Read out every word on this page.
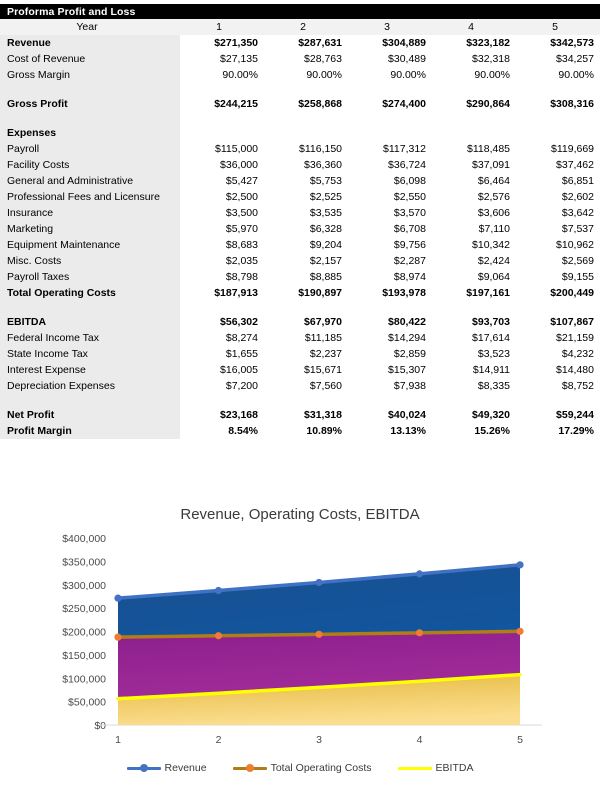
Proforma Profit and Loss
Year	1	2	3	4	5
Revenue	$271,350	$287,631	$304,889	$323,182	$342,573
Cost of Revenue	$27,135	$28,763	$30,489	$32,318	$34,257
Gross Margin	90.00%	90.00%	90.00%	90.00%	90.00%

Gross Profit	$244,215	$258,868	$274,400	$290,864	$308,316

Expenses					
Payroll	$115,000	$116,150	$117,312	$118,485	$119,669
Facility Costs	$36,000	$36,360	$36,724	$37,091	$37,462
General and Administrative	$5,427	$5,753	$6,098	$6,464	$6,851
Professional Fees and Licensure	$2,500	$2,525	$2,550	$2,576	$2,602
Insurance	$3,500	$3,535	$3,570	$3,606	$3,642
Marketing	$5,970	$6,328	$6,708	$7,110	$7,537
Equipment Maintenance	$8,683	$9,204	$9,756	$10,342	$10,962
Misc. Costs	$2,035	$2,157	$2,287	$2,424	$2,569
Payroll Taxes	$8,798	$8,885	$8,974	$9,064	$9,155
Total Operating Costs	$187,913	$190,897	$193,978	$197,161	$200,449

EBITDA	$56,302	$67,970	$80,422	$93,703	$107,867
Federal Income Tax	$8,274	$11,185	$14,294	$17,614	$21,159
State Income Tax	$1,655	$2,237	$2,859	$3,523	$4,232
Interest Expense	$16,005	$15,671	$15,307	$14,911	$14,480
Depreciation Expenses	$7,200	$7,560	$7,938	$8,335	$8,752

Net Profit	$23,168	$31,318	$40,024	$49,320	$59,244
Profit Margin	8.54%	10.89%	13.13%	15.26%	17.29%
Revenue, Operating Costs, EBITDA
$0
$50,000
$100,000
$150,000
$200,000
$250,000
$300,000
$350,000
$400,000
1	2	3	4	5
Revenue	Total Operating Costs	EBITDA
